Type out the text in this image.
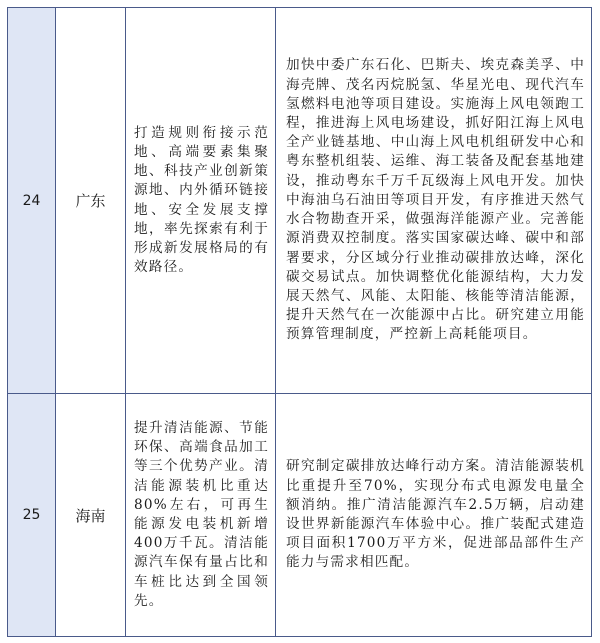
24	广东	打造规则衔接示范地、高端要素集聚地、科技产业创新策源地、内外循环链接地、安全发展支撑地，率先探索有利于形成新发展格局的有效路径。	加快中委广东石化、巴斯夫、埃克森美孚、中海壳牌、茂名丙烷脱氢、华星光电、现代汽车氢燃料电池等项目建设。实施海上风电领跑工程，推进海上风电场建设，抓好阳江海上风电全产业链基地、中山海上风电机组研发中心和粤东整机组装、运维、海工装备及配套基地建设，推动粤东千万千瓦级海上风电开发。加快中海油乌石油田等项目开发，有序推进天然气水合物勘查开采，做强海洋能源产业。完善能源消费双控制度。落实国家碳达峰、碳中和部署要求，分区域分行业推动碳排放达峰，深化碳交易试点。加快调整优化能源结构，大力发展天然气、风能、太阳能、核能等清洁能源，提升天然气在一次能源中占比。研究建立用能预算管理制度，严控新上高耗能项目。
25	海南	提升清洁能源、节能环保、高端食品加工等三个优势产业。清洁能源装机比重达80%左右，可再生能源发电装机新增400万千瓦。清洁能源汽车保有量占比和车桩比达到全国领先。	研究制定碳排放达峰行动方案。清洁能源装机比重提升至70%，实现分布式电源发电量全额消纳。推广清洁能源汽车2.5万辆，启动建设世界新能源汽车体验中心。推广装配式建造项目面积1700万平方米，促进部品部件生产能力与需求相匹配。
